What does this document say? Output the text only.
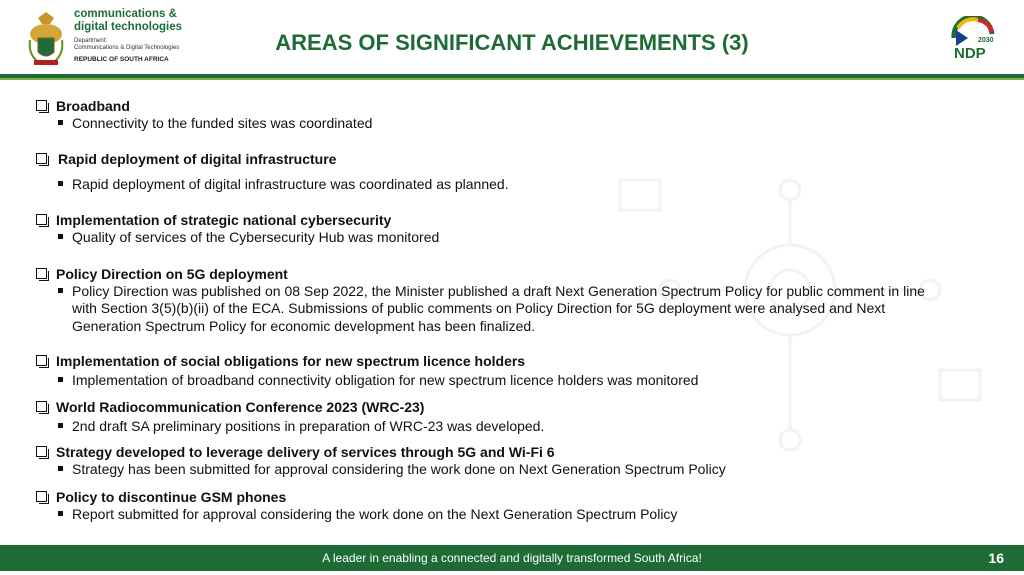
communications &
digital technologies
Department:
Communications & Digital Technologies
REPUBLIC OF SOUTH AFRICA
AREAS OF SIGNIFICANT ACHIEVEMENTS (3)	2030
NDP
Broadband
Connectivity to the funded sites was coordinated
Rapid deployment of digital infrastructure
Rapid deployment of digital infrastructure was coordinated as planned.
Implementation of strategic national cybersecurity
Quality of services of the Cybersecurity Hub was monitored
Policy Direction on 5G deployment
Policy Direction was published on 08 Sep 2022, the Minister published a draft Next Generation Spectrum Policy for public comment in line with Section 3(5)(b)(ii) of the ECA. Submissions of public comments on Policy Direction for 5G deployment were analysed and Next Generation Spectrum Policy for economic development has been finalized.
Implementation of social obligations for new spectrum licence holders
Implementation of broadband connectivity obligation for new spectrum licence holders was monitored
World Radiocommunication Conference 2023 (WRC-23)
2nd draft SA preliminary positions in preparation of WRC-23 was developed.
Strategy developed to leverage delivery of services through 5G and Wi-Fi 6
Strategy has been submitted for approval considering the work done on Next Generation Spectrum Policy
Policy to discontinue GSM phones
Report submitted for approval considering the work done on the Next Generation Spectrum Policy
A leader in enabling a connected and digitally transformed South Africa!	16
